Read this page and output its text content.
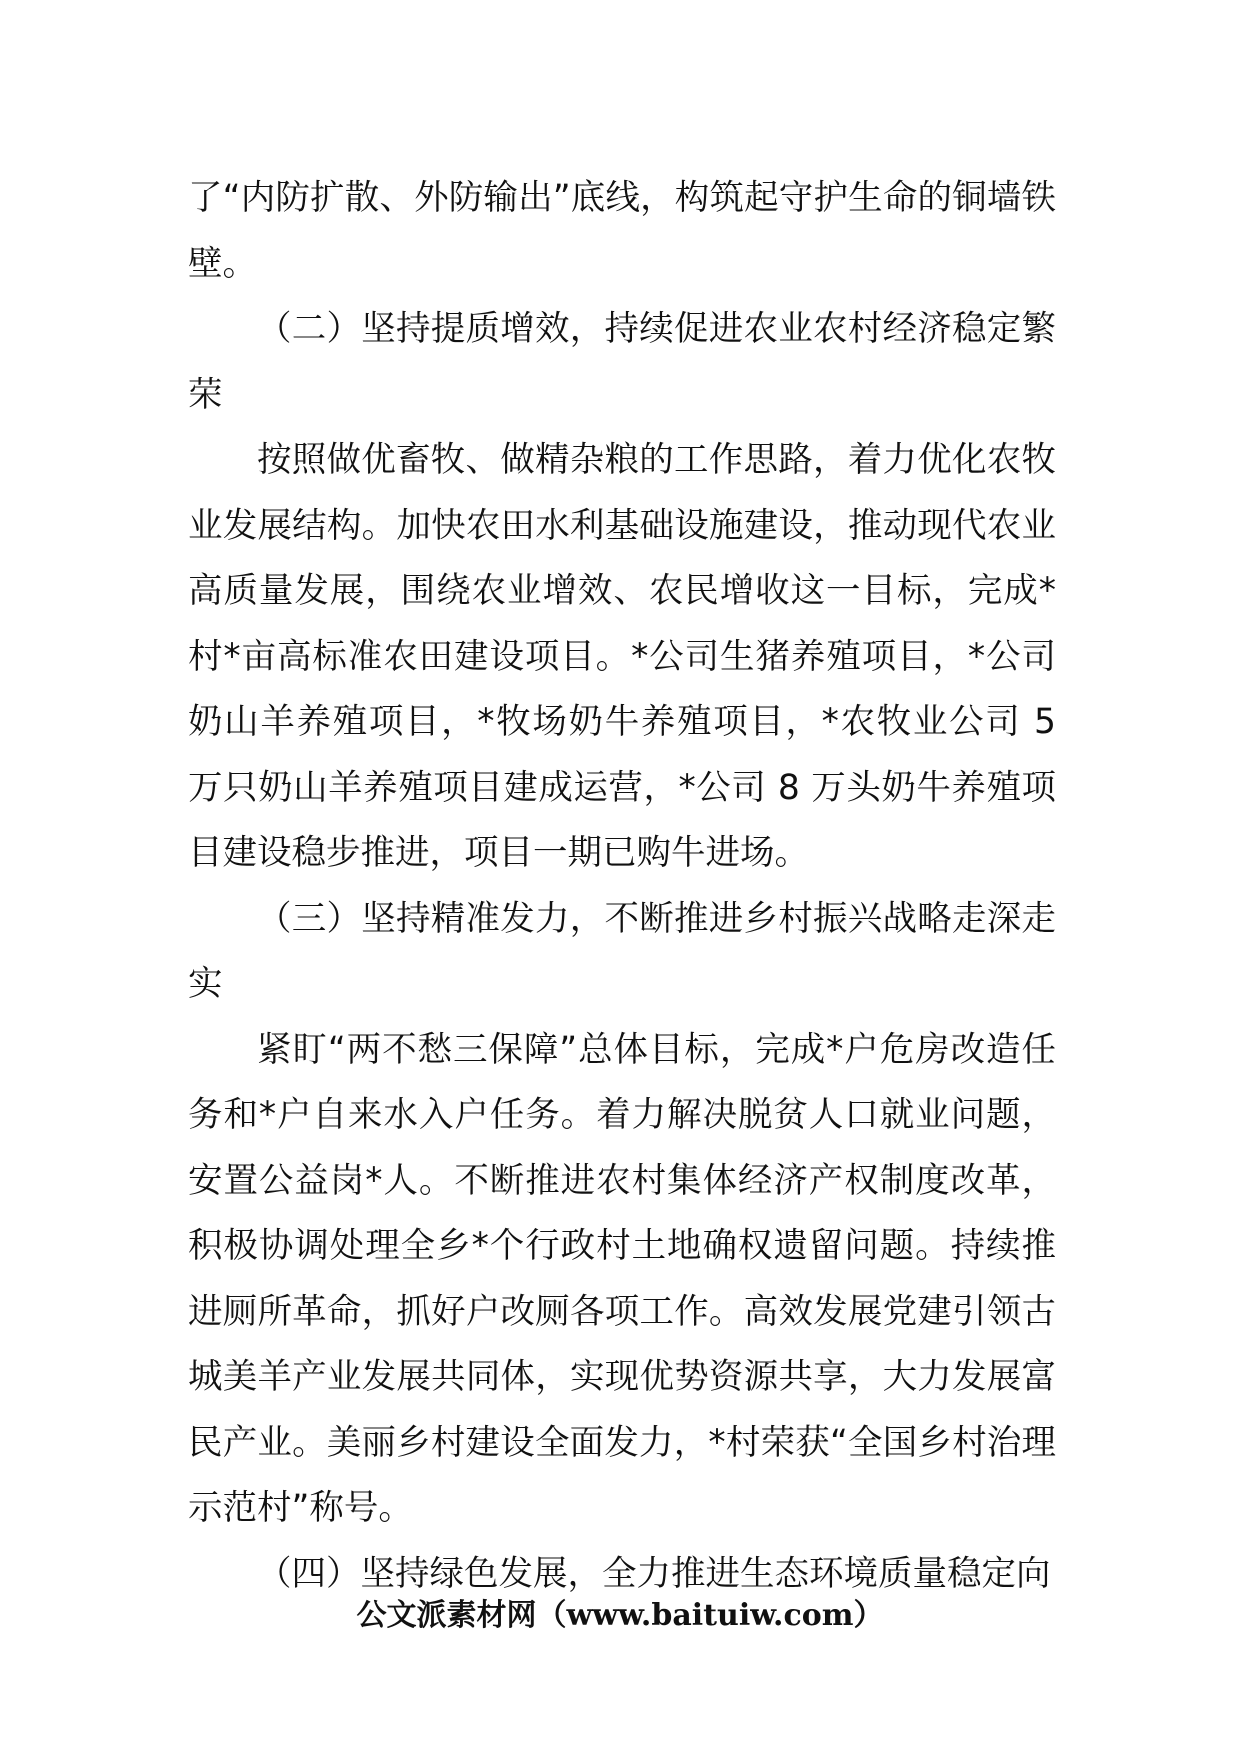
了“内防扩散、外防输出”底线，构筑起守护生命的铜墙铁壁。

（二）坚持提质增效，持续促进农业农村经济稳定繁荣

按照做优畜牧、做精杂粮的工作思路，着力优化农牧业发展结构。加快农田水利基础设施建设，推动现代农业高质量发展，围绕农业增效、农民增收这一目标，完成*村*亩高标准农田建设项目。*公司生猪养殖项目，*公司奶山羊养殖项目，*牧场奶牛养殖项目，*农牧业公司 5 万只奶山羊养殖项目建成运营，*公司 8 万头奶牛养殖项目建设稳步推进，项目一期已购牛进场。

（三）坚持精准发力，不断推进乡村振兴战略走深走实

紧盯“两不愁三保障”总体目标，完成*户危房改造任务和*户自来水入户任务。着力解决脱贫人口就业问题，安置公益岗*人。不断推进农村集体经济产权制度改革，积极协调处理全乡*个行政村土地确权遗留问题。持续推进厕所革命，抓好户改厕各项工作。高效发展党建引领古城美羊产业发展共同体，实现优势资源共享，大力发展富民产业。美丽乡村建设全面发力，*村荣获“全国乡村治理示范村”称号。

（四）坚持绿色发展，全力推进生态环境质量稳定向

公文派素材网（www.baituiw.com）
